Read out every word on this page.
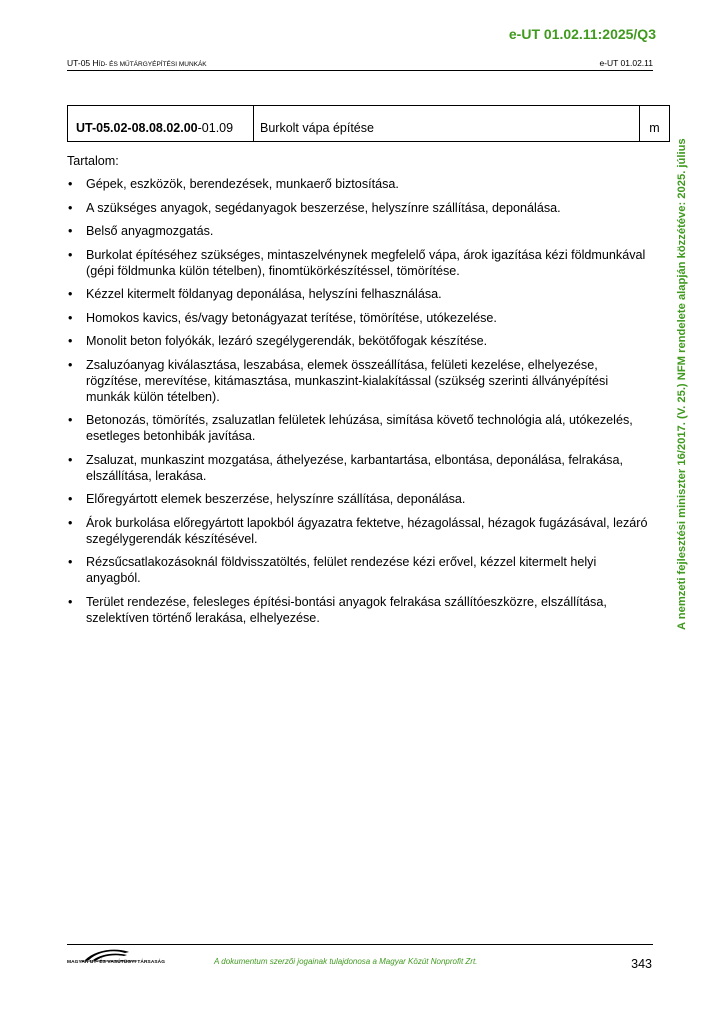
e-UT 01.02.11:2025/Q3
UT-05 HÍD- ÉS MŰTÁRGYÉPÍTÉSI MUNKÁK	e-UT 01.02.11
A nemzeti fejlesztési miniszter 16/2017. (V. 25.) NFM rendelete alapján közzétéve: 2025. július
UT-05.02-08.08.02.00 -01.09	Burkolt vápa építése	m

Tartalom:

• Gépek, eszközök, berendezések, munkaerő biztosítása.
• A szükséges anyagok, segédanyagok beszerzése, helyszínre szállítása, deponálása.
• Belső anyagmozgatás.
• Burkolat építéséhez szükséges, mintaszelvénynek megfelelő vápa, árok igazítása kézi földmunkával (gépi földmunka külön tételben), finomtükörkészítéssel, tömörítése.
• Kézzel kitermelt földanyag deponálása, helyszíni felhasználása.
• Homokos kavics, és/vagy betonágyazat terítése, tömörítése, utókezelése.
• Monolit beton folyókák, lezáró szegélygerendák, bekötőfogak készítése.
• Zsaluzóanyag kiválasztása, leszabása, elemek összeállítása, felületi kezelése, elhelyezése, rögzítése, merevítése, kitámasztása, munkaszint-kialakítással (szükség szerinti állványépítési munkák külön tételben).
• Betonozás, tömörítés, zsaluzatlan felületek lehúzása, simítása követő technológia alá, utókezelés, esetleges betonhibák javítása.
• Zsaluzat, munkaszint mozgatása, áthelyezése, karbantartása, elbontása, deponálása, felrakása, elszállítása, lerakása.
• Előregyártott elemek beszerzése, helyszínre szállítása, deponálása.
• Árok burkolása előregyártott lapokból ágyazatra fektetve, hézagolással, hézagok fugázásával, lezáró szegélygerendák készítésével.
• Rézsűcsatlakozásoknál földvisszatöltés, felület rendezése kézi erővel, kézzel kitermelt helyi anyagból.
• Terület rendezése, felesleges építési-bontási anyagok felrakása szállítóeszközre, elszállítása, szelektíven történő lerakása, elhelyezése.
MAGYAR UT- ÉS VASÚTÜGYI TÁRSASÁG	A dokumentum szerzői jogainak tulajdonosa a Magyar Közút Nonprofit Zrt.	343
